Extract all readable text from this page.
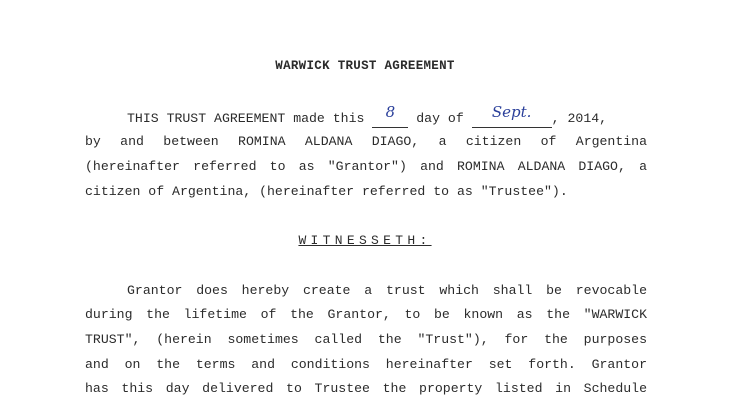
WARWICK TRUST AGREEMENT
THIS TRUST AGREEMENT made this 8 day of Sept. , 2014,
by and between ROMINA ALDANA DIAGO, a citizen of Argentina
(hereinafter referred to as "Grantor") and ROMINA ALDANA DIAGO, a
citizen of Argentina, (hereinafter referred to as "Trustee").
WITNESSETH:
Grantor does hereby create a trust which shall be revocable
during the lifetime of the Grantor, to be known as the "WARWICK
TRUST", (herein sometimes called the "Trust"), for the purposes
and on the terms and conditions hereinafter set forth. Grantor
has this day delivered to Trustee the property listed in Schedule
